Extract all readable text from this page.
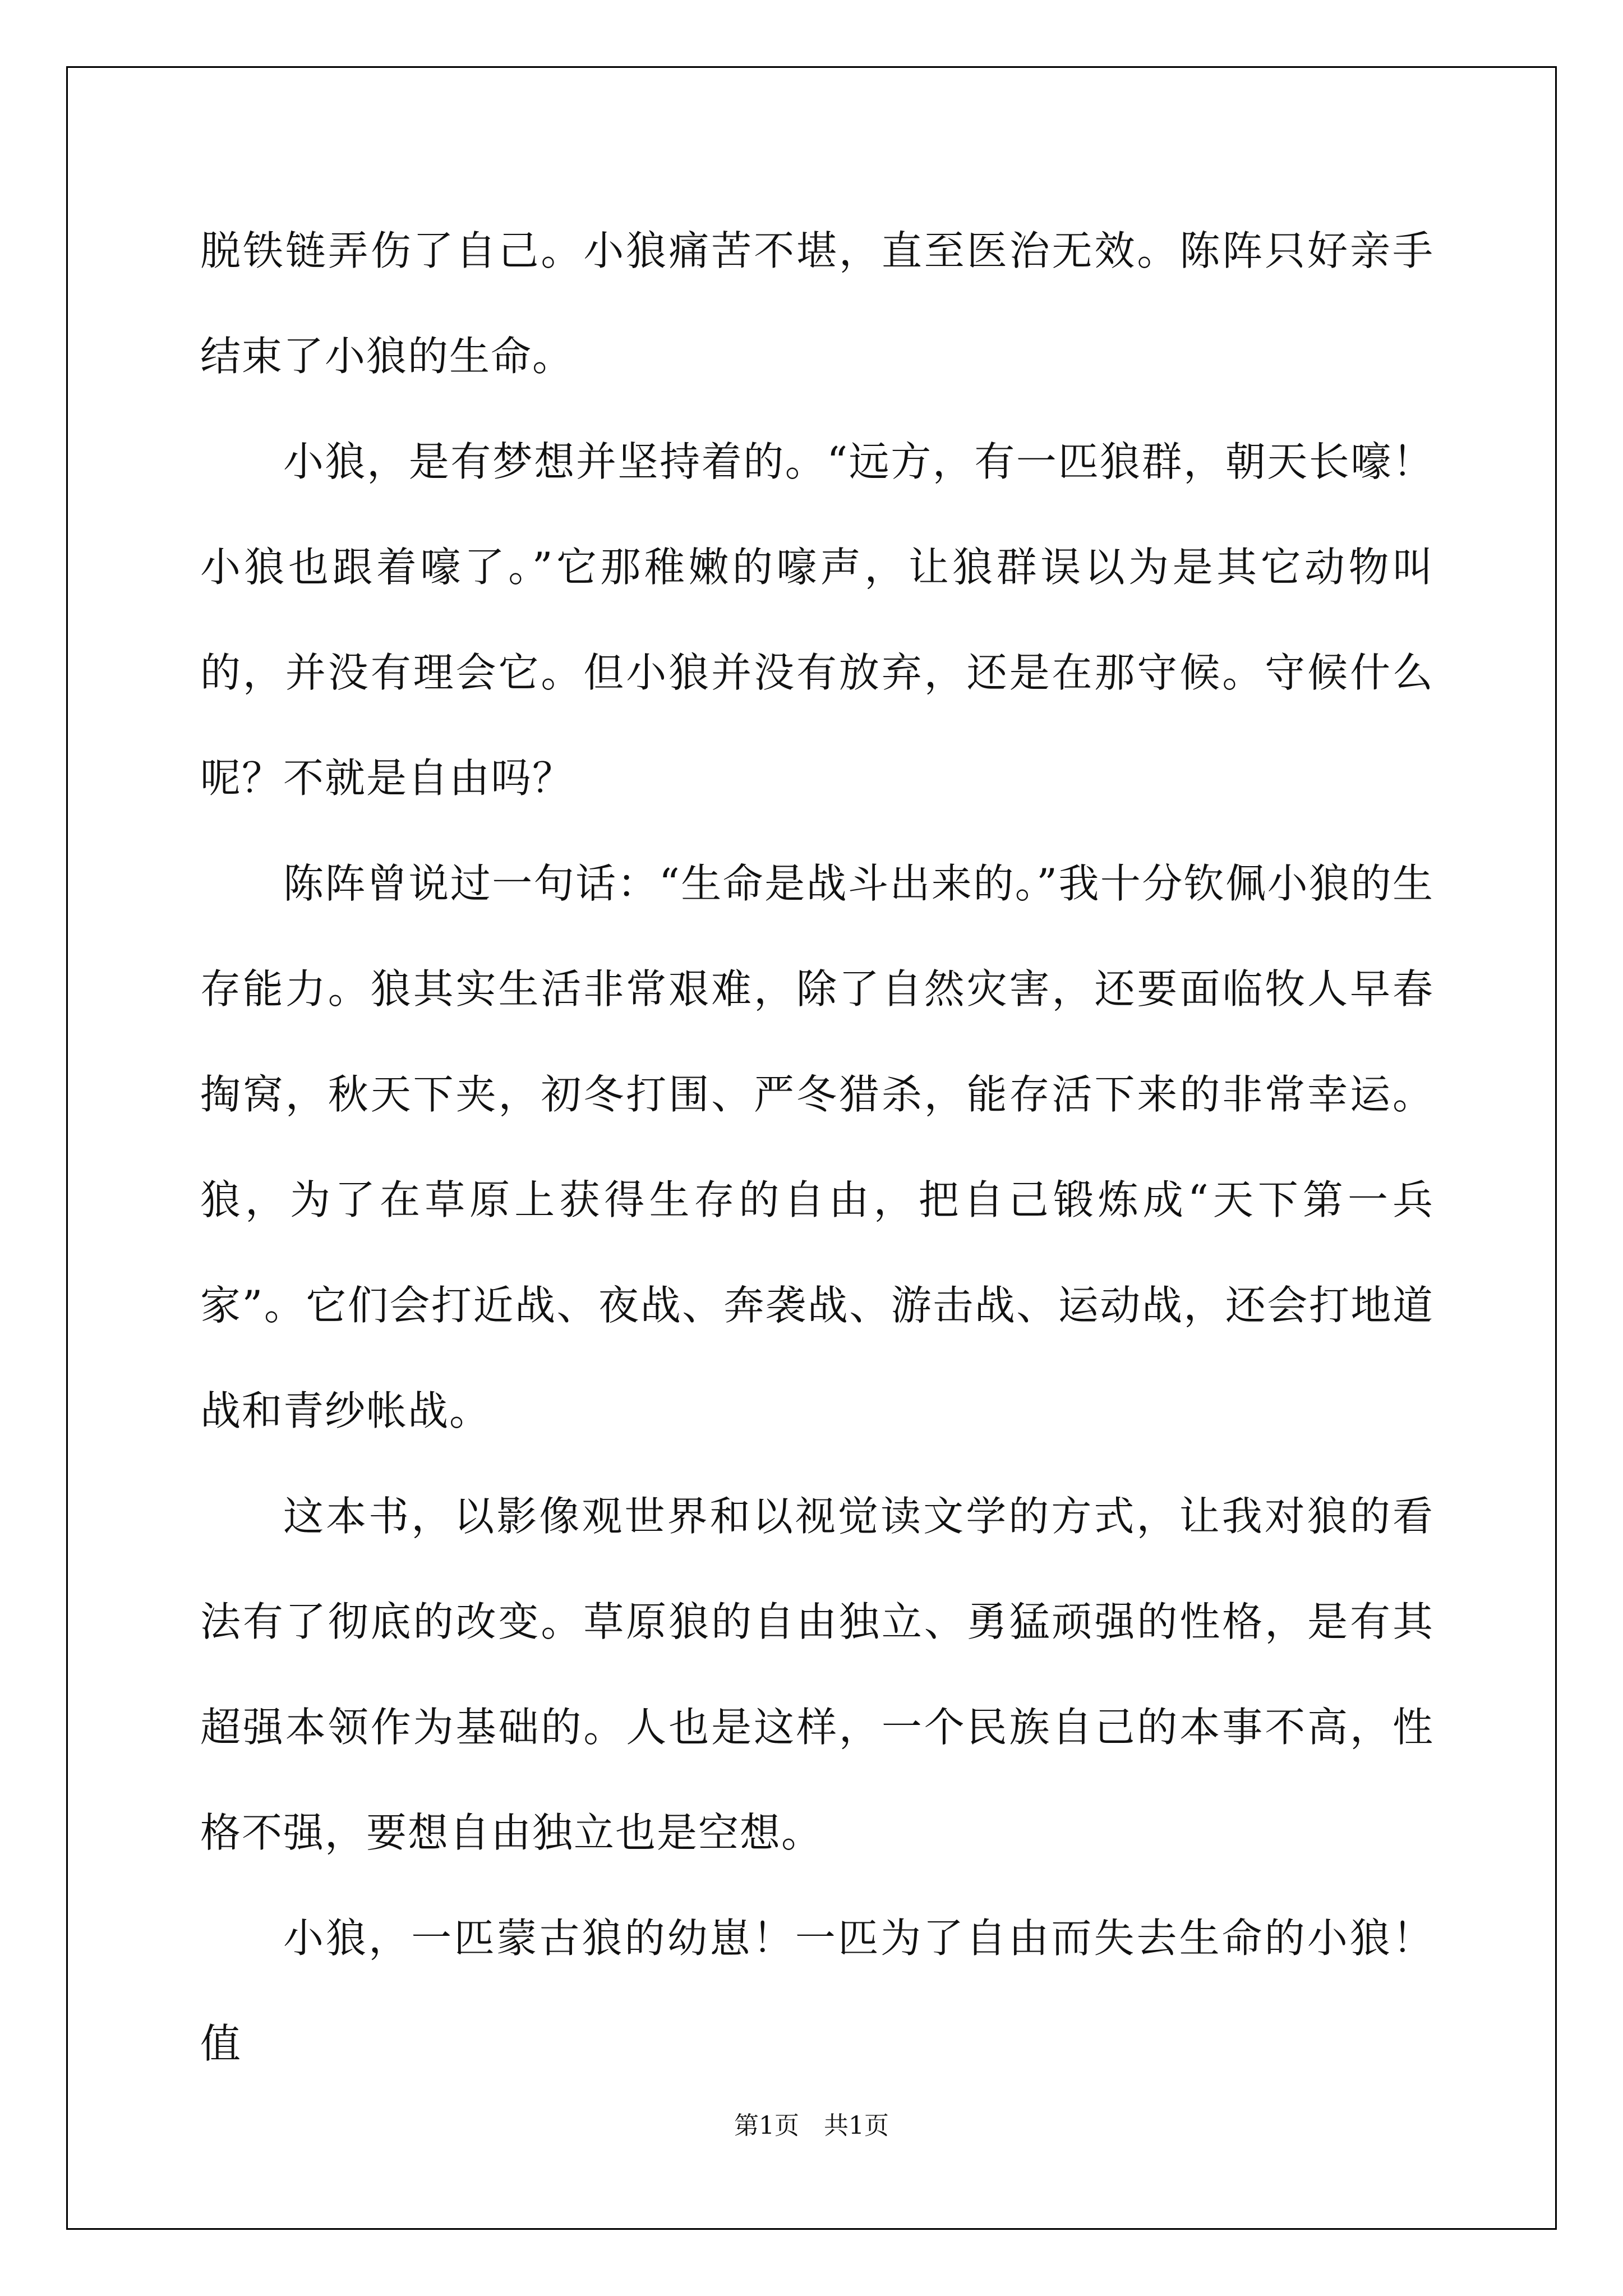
脱铁链弄伤了自己。小狼痛苦不堪，直至医治无效。陈阵只好亲手结束了小狼的生命。

小狼，是有梦想并坚持着的。“远方，有一匹狼群，朝天长嚎！小狼也跟着嚎了。”它那稚嫩的嚎声，让狼群误以为是其它动物叫的，并没有理会它。但小狼并没有放弃，还是在那守候。守候什么呢？不就是自由吗？

陈阵曾说过一句话：“生命是战斗出来的。”我十分钦佩小狼的生存能力。狼其实生活非常艰难，除了自然灾害，还要面临牧人早春掏窝，秋天下夹，初冬打围、严冬猎杀，能存活下来的非常幸运。狼，为了在草原上获得生存的自由，把自己锻炼成“天下第一兵家”。它们会打近战、夜战、奔袭战、游击战、运动战，还会打地道战和青纱帐战。

这本书，以影像观世界和以视觉读文学的方式，让我对狼的看法有了彻底的改变。草原狼的自由独立、勇猛顽强的性格，是有其超强本领作为基础的。人也是这样，一个民族自己的本事不高，性格不强，要想自由独立也是空想。

小狼，一匹蒙古狼的幼崽！一匹为了自由而失去生命的小狼！值

第1页　共1页
